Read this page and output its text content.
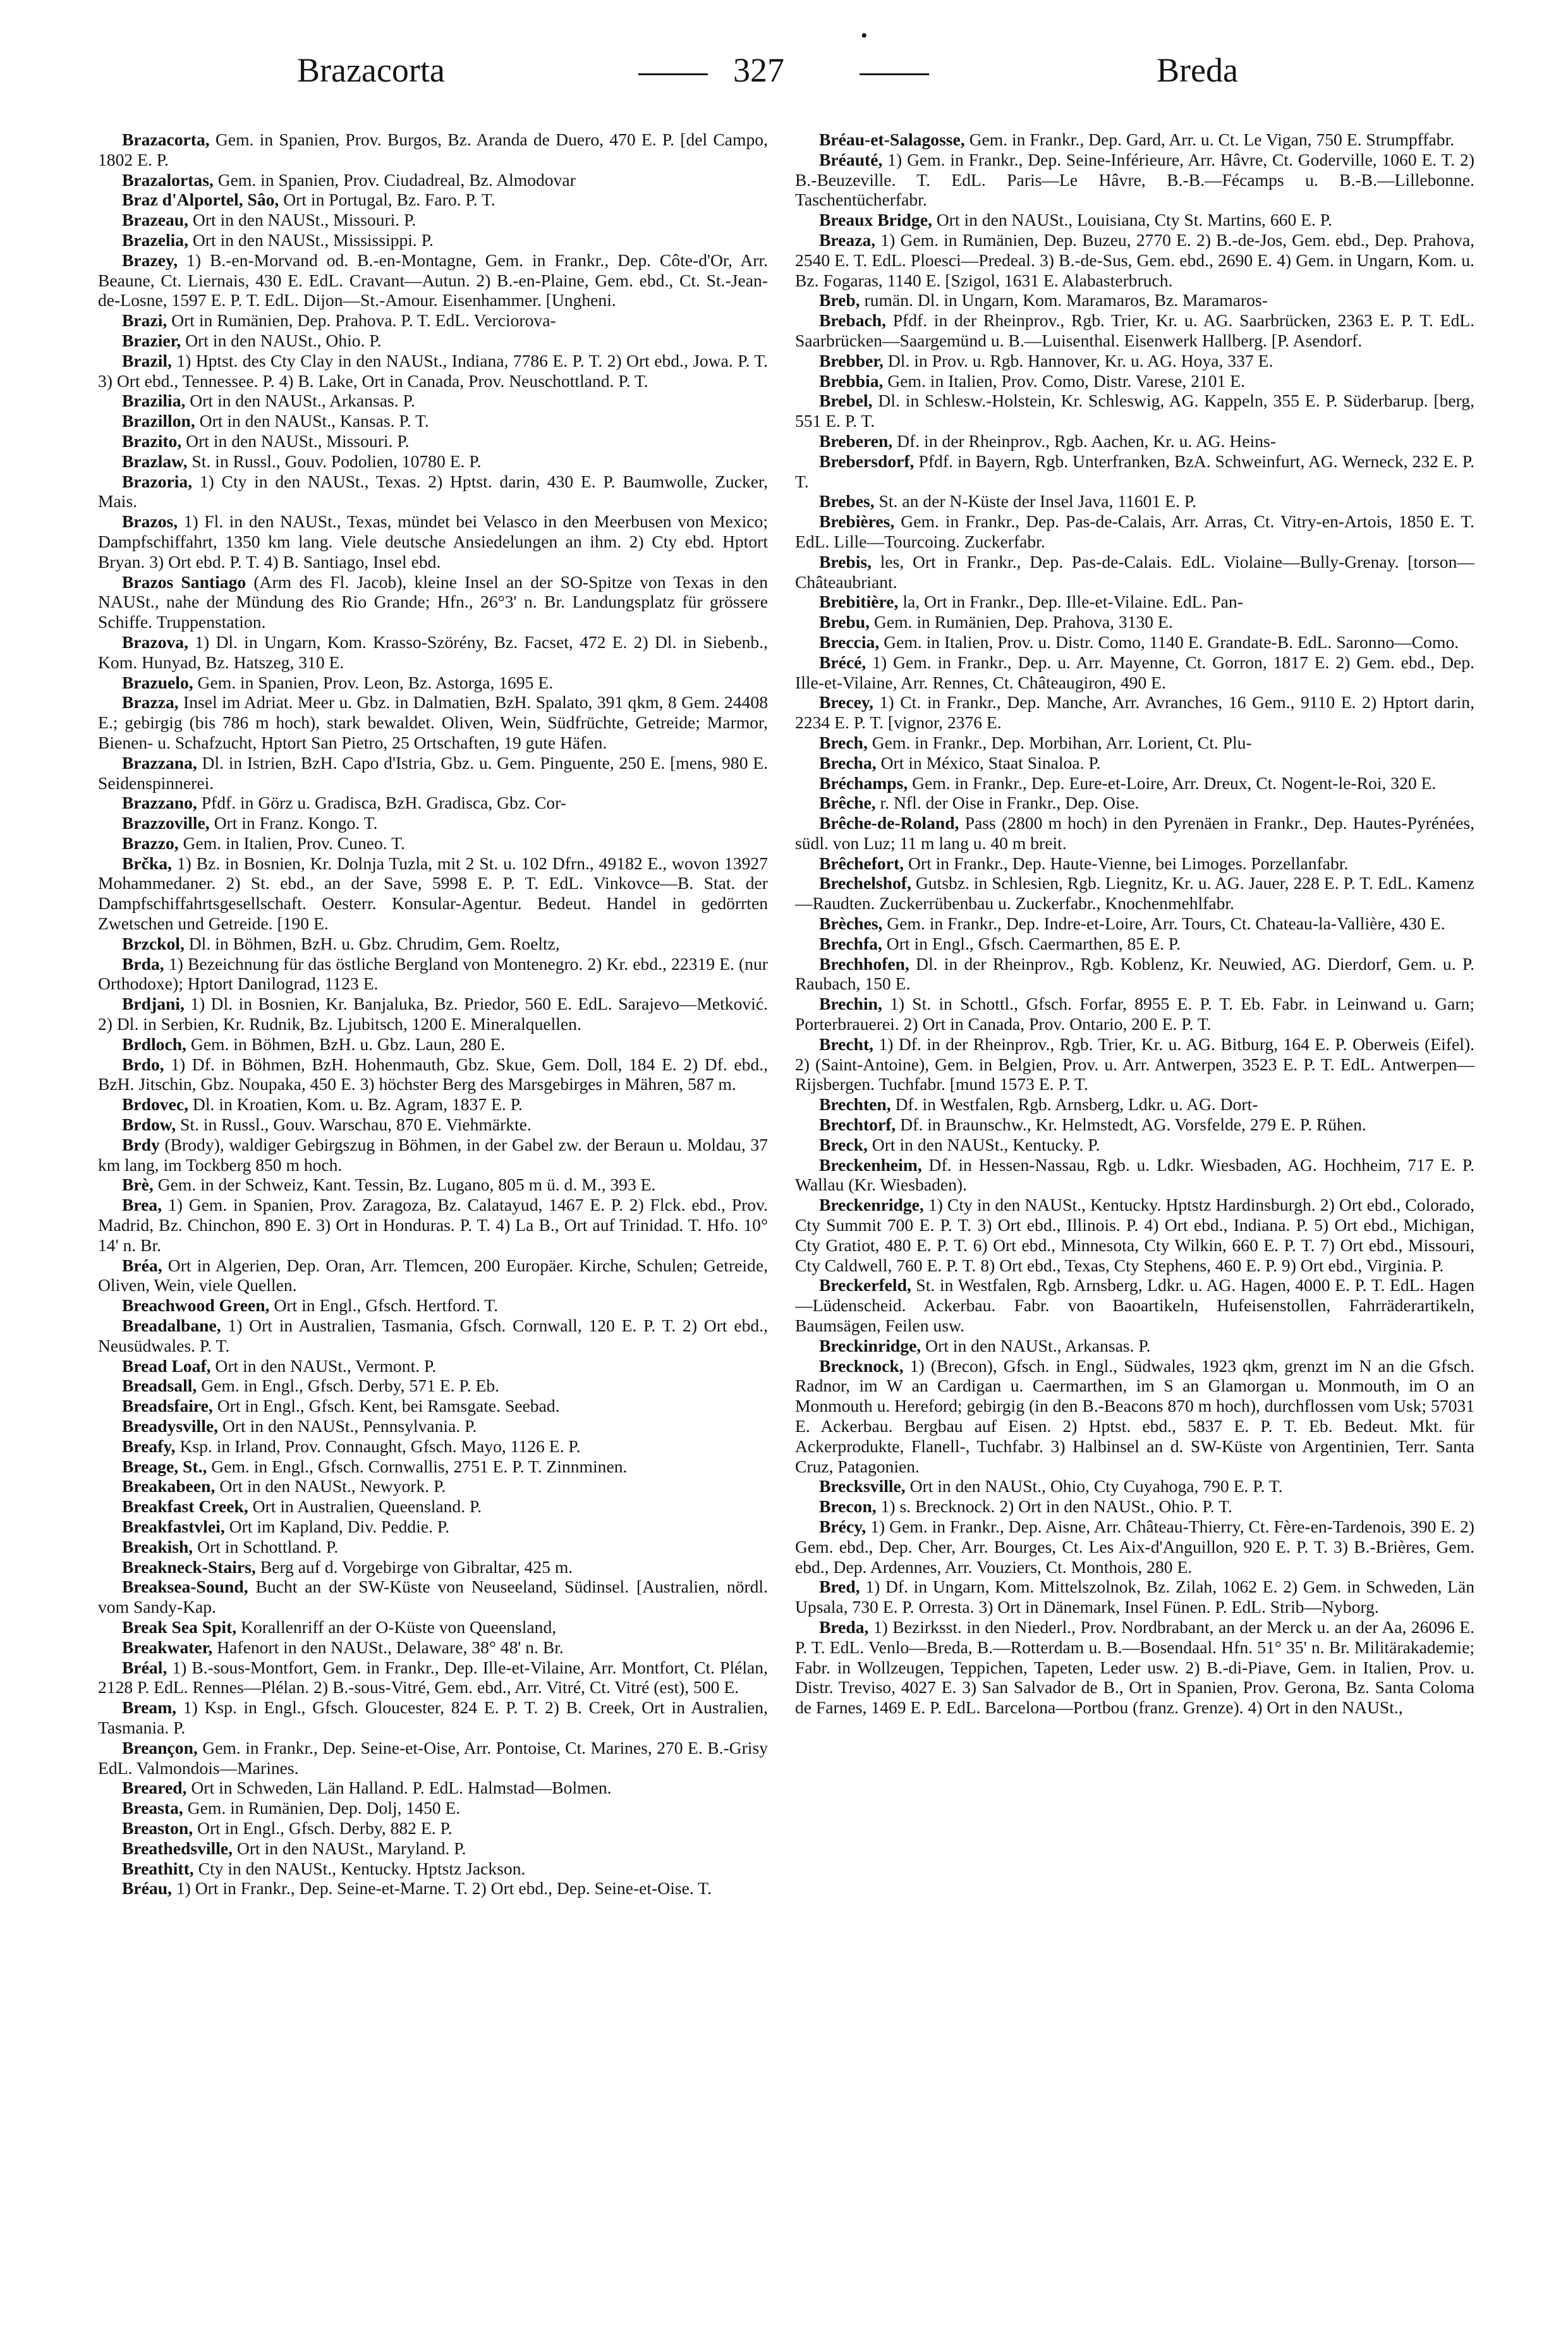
Brazacorta	327
•
Breda

Brazacorta, Gem. in Spanien, Prov. Burgos, Bz. Aranda de Duero, 470 E. P. [del Campo, 1802 E. P.

Brazalortas, Gem. in Spanien, Prov. Ciudadreal, Bz. Almodovar

Braz d'Alportel, Sâo, Ort in Portugal, Bz. Faro. P. T.

Brazeau, Ort in den NAUSt., Missouri. P.

Brazelia, Ort in den NAUSt., Mississippi. P.

Brazey, 1) B.-en-Morvand od. B.-en-Montagne, Gem. in Frankr., Dep. Côte-d'Or, Arr. Beaune, Ct. Liernais, 430 E. EdL. Cravant—Autun. 2) B.-en-Plaine, Gem. ebd., Ct. St.-Jean-de-Losne, 1597 E. P. T. EdL. Dijon—St.-Amour. Eisenhammer. [Ungheni.

Brazi, Ort in Rumänien, Dep. Prahova. P. T. EdL. Verciorova-

Brazier, Ort in den NAUSt., Ohio. P.

Brazil, 1) Hptst. des Cty Clay in den NAUSt., Indiana, 7786 E. P. T. 2) Ort ebd., Jowa. P. T. 3) Ort ebd., Tennessee. P. 4) B. Lake, Ort in Canada, Prov. Neuschottland. P. T.

Brazilia, Ort in den NAUSt., Arkansas. P.

Brazillon, Ort in den NAUSt., Kansas. P. T.

Brazito, Ort in den NAUSt., Missouri. P.

Brazlaw, St. in Russl., Gouv. Podolien, 10780 E. P.

Brazoria, 1) Cty in den NAUSt., Texas. 2) Hptst. darin, 430 E. P. Baumwolle, Zucker, Mais.

Brazos, 1) Fl. in den NAUSt., Texas, mündet bei Velasco in den Meerbusen von Mexico; Dampfschiffahrt, 1350 km lang. Viele deutsche Ansiedelungen an ihm. 2) Cty ebd. Hptort Bryan. 3) Ort ebd. P. T. 4) B. Santiago, Insel ebd.

Brazos Santiago (Arm des Fl. Jacob), kleine Insel an der SO-Spitze von Texas in den NAUSt., nahe der Mündung des Rio Grande; Hfn., 26°3' n. Br. Landungsplatz für grössere Schiffe. Truppenstation.

Brazova, 1) Dl. in Ungarn, Kom. Krasso-Szörény, Bz. Facset, 472 E. 2) Dl. in Siebenb., Kom. Hunyad, Bz. Hatszeg, 310 E.

Brazuelo, Gem. in Spanien, Prov. Leon, Bz. Astorga, 1695 E.

Brazza, Insel im Adriat. Meer u. Gbz. in Dalmatien, BzH. Spalato, 391 qkm, 8 Gem. 24408 E.; gebirgig (bis 786 m hoch), stark bewaldet. Oliven, Wein, Südfrüchte, Getreide; Marmor, Bienen- u. Schafzucht, Hptort San Pietro, 25 Ortschaften, 19 gute Häfen.

Brazzana, Dl. in Istrien, BzH. Capo d'Istria, Gbz. u. Gem. Pinguente, 250 E. [mens, 980 E. Seidenspinnerei.

Brazzano, Pfdf. in Görz u. Gradisca, BzH. Gradisca, Gbz. Cor-

Brazzoville, Ort in Franz. Kongo. T.

Brazzo, Gem. in Italien, Prov. Cuneo. T.

Brčka, 1) Bz. in Bosnien, Kr. Dolnja Tuzla, mit 2 St. u. 102 Dfrn., 49182 E., wovon 13927 Mohammedaner. 2) St. ebd., an der Save, 5998 E. P. T. EdL. Vinkovce—B. Stat. der Dampfschiffahrtsgesellschaft. Oesterr. Konsular-Agentur. Bedeut. Handel in gedörrten Zwetschen und Getreide. [190 E.

Brzckol, Dl. in Böhmen, BzH. u. Gbz. Chrudim, Gem. Roeltz,

Brda, 1) Bezeichnung für das östliche Bergland von Montenegro. 2) Kr. ebd., 22319 E. (nur Orthodoxe); Hptort Danilograd, 1123 E.

Brdjani, 1) Dl. in Bosnien, Kr. Banjaluka, Bz. Priedor, 560 E. EdL. Sarajevo—Metković. 2) Dl. in Serbien, Kr. Rudnik, Bz. Ljubitsch, 1200 E. Mineralquellen.

Brdloch, Gem. in Böhmen, BzH. u. Gbz. Laun, 280 E.

Brdo, 1) Df. in Böhmen, BzH. Hohenmauth, Gbz. Skue, Gem. Doll, 184 E. 2) Df. ebd., BzH. Jitschin, Gbz. Noupaka, 450 E. 3) höchster Berg des Marsgebirges in Mähren, 587 m.

Brdovec, Dl. in Kroatien, Kom. u. Bz. Agram, 1837 E. P.

Brdow, St. in Russl., Gouv. Warschau, 870 E. Viehmärkte.

Brdy (Brody), waldiger Gebirgszug in Böhmen, in der Gabel zw. der Beraun u. Moldau, 37 km lang, im Tockberg 850 m hoch.

Brè, Gem. in der Schweiz, Kant. Tessin, Bz. Lugano, 805 m ü. d. M., 393 E.

Brea, 1) Gem. in Spanien, Prov. Zaragoza, Bz. Calatayud, 1467 E. P. 2) Flck. ebd., Prov. Madrid, Bz. Chinchon, 890 E. 3) Ort in Honduras. P. T. 4) La B., Ort auf Trinidad. T. Hfo. 10° 14' n. Br.

Bréa, Ort in Algerien, Dep. Oran, Arr. Tlemcen, 200 Europäer. Kirche, Schulen; Getreide, Oliven, Wein, viele Quellen.

Breachwood Green, Ort in Engl., Gfsch. Hertford. T.

Breadalbane, 1) Ort in Australien, Tasmania, Gfsch. Cornwall, 120 E. P. T. 2) Ort ebd., Neusüdwales. P. T.

Bread Loaf, Ort in den NAUSt., Vermont. P.

Breadsall, Gem. in Engl., Gfsch. Derby, 571 E. P. Eb.

Breadsfaire, Ort in Engl., Gfsch. Kent, bei Ramsgate. Seebad.

Breadysville, Ort in den NAUSt., Pennsylvania. P.

Breafy, Ksp. in Irland, Prov. Connaught, Gfsch. Mayo, 1126 E. P.

Breage, St., Gem. in Engl., Gfsch. Cornwallis, 2751 E. P. T. Zinnminen.

Breakabeen, Ort in den NAUSt., Newyork. P.

Breakfast Creek, Ort in Australien, Queensland. P.

Breakfastvlei, Ort im Kapland, Div. Peddie. P.

Breakish, Ort in Schottland. P.

Breakneck-Stairs, Berg auf d. Vorgebirge von Gibraltar, 425 m.

Breaksea-Sound, Bucht an der SW-Küste von Neuseeland, Südinsel. [Australien, nördl. vom Sandy-Kap.

Break Sea Spit, Korallenriff an der O-Küste von Queensland,

Breakwater, Hafenort in den NAUSt., Delaware, 38° 48' n. Br.

Bréal, 1) B.-sous-Montfort, Gem. in Frankr., Dep. Ille-et-Vilaine, Arr. Montfort, Ct. Plélan, 2128 P. EdL. Rennes—Plélan. 2) B.-sous-Vitré, Gem. ebd., Arr. Vitré, Ct. Vitré (est), 500 E.

Bream, 1) Ksp. in Engl., Gfsch. Gloucester, 824 E. P. T. 2) B. Creek, Ort in Australien, Tasmania. P.

Breançon, Gem. in Frankr., Dep. Seine-et-Oise, Arr. Pontoise, Ct. Marines, 270 E. B.-Grisy EdL. Valmondois—Marines.

Breared, Ort in Schweden, Län Halland. P. EdL. Halmstad—Bolmen.

Breasta, Gem. in Rumänien, Dep. Dolj, 1450 E.

Breaston, Ort in Engl., Gfsch. Derby, 882 E. P.

Breathedsville, Ort in den NAUSt., Maryland. P.

Breathitt, Cty in den NAUSt., Kentucky. Hptstz Jackson.

Bréau, 1) Ort in Frankr., Dep. Seine-et-Marne. T. 2) Ort ebd., Dep. Seine-et-Oise. T.

Bréau-et-Salagosse, Gem. in Frankr., Dep. Gard, Arr. u. Ct. Le Vigan, 750 E. Strumpffabr.

Bréauté, 1) Gem. in Frankr., Dep. Seine-Inférieure, Arr. Hâvre, Ct. Goderville, 1060 E. T. 2) B.-Beuzeville. T. EdL. Paris—Le Hâvre, B.-B.—Fécamps u. B.-B.—Lillebonne. Taschentücherfabr.

Breaux Bridge, Ort in den NAUSt., Louisiana, Cty St. Martins, 660 E. P.

Breaza, 1) Gem. in Rumänien, Dep. Buzeu, 2770 E. 2) B.-de-Jos, Gem. ebd., Dep. Prahova, 2540 E. T. EdL. Ploesci—Predeal. 3) B.-de-Sus, Gem. ebd., 2690 E. 4) Gem. in Ungarn, Kom. u. Bz. Fogaras, 1140 E. [Szigol, 1631 E. Alabasterbruch.

Breb, rumän. Dl. in Ungarn, Kom. Maramaros, Bz. Maramaros-

Brebach, Pfdf. in der Rheinprov., Rgb. Trier, Kr. u. AG. Saarbrücken, 2363 E. P. T. EdL. Saarbrücken—Saargemünd u. B.—Luisenthal. Eisenwerk Hallberg. [P. Asendorf.

Brebber, Dl. in Prov. u. Rgb. Hannover, Kr. u. AG. Hoya, 337 E.

Brebbia, Gem. in Italien, Prov. Como, Distr. Varese, 2101 E.

Brebel, Dl. in Schlesw.-Holstein, Kr. Schleswig, AG. Kappeln, 355 E. P. Süderbarup. [berg, 551 E. P. T.

Breberen, Df. in der Rheinprov., Rgb. Aachen, Kr. u. AG. Heins-

Brebersdorf, Pfdf. in Bayern, Rgb. Unterfranken, BzA. Schweinfurt, AG. Werneck, 232 E. P. T.

Brebes, St. an der N-Küste der Insel Java, 11601 E. P.

Brebières, Gem. in Frankr., Dep. Pas-de-Calais, Arr. Arras, Ct. Vitry-en-Artois, 1850 E. T. EdL. Lille—Tourcoing. Zuckerfabr.

Brebis, les, Ort in Frankr., Dep. Pas-de-Calais. EdL. Violaine—Bully-Grenay. [torson—Châteaubriant.

Brebitière, la, Ort in Frankr., Dep. Ille-et-Vilaine. EdL. Pan-

Brebu, Gem. in Rumänien, Dep. Prahova, 3130 E.

Breccia, Gem. in Italien, Prov. u. Distr. Como, 1140 E. Grandate-B. EdL. Saronno—Como.

Brécé, 1) Gem. in Frankr., Dep. u. Arr. Mayenne, Ct. Gorron, 1817 E. 2) Gem. ebd., Dep. Ille-et-Vilaine, Arr. Rennes, Ct. Châteaugiron, 490 E.

Brecey, 1) Ct. in Frankr., Dep. Manche, Arr. Avranches, 16 Gem., 9110 E. 2) Hptort darin, 2234 E. P. T. [vignor, 2376 E.

Brech, Gem. in Frankr., Dep. Morbihan, Arr. Lorient, Ct. Plu-

Brecha, Ort in México, Staat Sinaloa. P.

Bréchamps, Gem. in Frankr., Dep. Eure-et-Loire, Arr. Dreux, Ct. Nogent-le-Roi, 320 E.

Brêche, r. Nfl. der Oise in Frankr., Dep. Oise.

Brêche-de-Roland, Pass (2800 m hoch) in den Pyrenäen in Frankr., Dep. Hautes-Pyrénées, südl. von Luz; 11 m lang u. 40 m breit.

Brêchefort, Ort in Frankr., Dep. Haute-Vienne, bei Limoges. Porzellanfabr.

Brechelshof, Gutsbz. in Schlesien, Rgb. Liegnitz, Kr. u. AG. Jauer, 228 E. P. T. EdL. Kamenz—Raudten. Zuckerrübenbau u. Zuckerfabr., Knochenmehlfabr.

Brèches, Gem. in Frankr., Dep. Indre-et-Loire, Arr. Tours, Ct. Chateau-la-Vallière, 430 E.

Brechfa, Ort in Engl., Gfsch. Caermarthen, 85 E. P.

Brechhofen, Dl. in der Rheinprov., Rgb. Koblenz, Kr. Neuwied, AG. Dierdorf, Gem. u. P. Raubach, 150 E.

Brechin, 1) St. in Schottl., Gfsch. Forfar, 8955 E. P. T. Eb. Fabr. in Leinwand u. Garn; Porterbrauerei. 2) Ort in Canada, Prov. Ontario, 200 E. P. T.

Brecht, 1) Df. in der Rheinprov., Rgb. Trier, Kr. u. AG. Bitburg, 164 E. P. Oberweis (Eifel). 2) (Saint-Antoine), Gem. in Belgien, Prov. u. Arr. Antwerpen, 3523 E. P. T. EdL. Antwerpen—Rijsbergen. Tuchfabr. [mund 1573 E. P. T.

Brechten, Df. in Westfalen, Rgb. Arnsberg, Ldkr. u. AG. Dort-

Brechtorf, Df. in Braunschw., Kr. Helmstedt, AG. Vorsfelde, 279 E. P. Rühen.

Breck, Ort in den NAUSt., Kentucky. P.

Breckenheim, Df. in Hessen-Nassau, Rgb. u. Ldkr. Wiesbaden, AG. Hochheim, 717 E. P. Wallau (Kr. Wiesbaden).

Breckenridge, 1) Cty in den NAUSt., Kentucky. Hptstz Hardinsburgh. 2) Ort ebd., Colorado, Cty Summit 700 E. P. T. 3) Ort ebd., Illinois. P. 4) Ort ebd., Indiana. P. 5) Ort ebd., Michigan, Cty Gratiot, 480 E. P. T. 6) Ort ebd., Minnesota, Cty Wilkin, 660 E. P. T. 7) Ort ebd., Missouri, Cty Caldwell, 760 E. P. T. 8) Ort ebd., Texas, Cty Stephens, 460 E. P. 9) Ort ebd., Virginia. P.

Breckerfeld, St. in Westfalen, Rgb. Arnsberg, Ldkr. u. AG. Hagen, 4000 E. P. T. EdL. Hagen—Lüdenscheid. Ackerbau. Fabr. von Baoartikeln, Hufeisenstollen, Fahrräderartikeln, Baumsägen, Feilen usw.

Breckinridge, Ort in den NAUSt., Arkansas. P.

Brecknock, 1) (Brecon), Gfsch. in Engl., Südwales, 1923 qkm, grenzt im N an die Gfsch. Radnor, im W an Cardigan u. Caermarthen, im S an Glamorgan u. Monmouth, im O an Monmouth u. Hereford; gebirgig (in den B.-Beacons 870 m hoch), durchflossen vom Usk; 57031 E. Ackerbau. Bergbau auf Eisen. 2) Hptst. ebd., 5837 E. P. T. Eb. Bedeut. Mkt. für Ackerprodukte, Flanell-, Tuchfabr. 3) Halbinsel an d. SW-Küste von Argentinien, Terr. Santa Cruz, Patagonien.

Brecksville, Ort in den NAUSt., Ohio, Cty Cuyahoga, 790 E. P. T.

Brecon, 1) s. Brecknock. 2) Ort in den NAUSt., Ohio. P. T.

Brécy, 1) Gem. in Frankr., Dep. Aisne, Arr. Château-Thierry, Ct. Fère-en-Tardenois, 390 E. 2) Gem. ebd., Dep. Cher, Arr. Bourges, Ct. Les Aix-d'Anguillon, 920 E. P. T. 3) B.-Brières, Gem. ebd., Dep. Ardennes, Arr. Vouziers, Ct. Monthois, 280 E.

Bred, 1) Df. in Ungarn, Kom. Mittelszolnok, Bz. Zilah, 1062 E. 2) Gem. in Schweden, Län Upsala, 730 E. P. Orresta. 3) Ort in Dänemark, Insel Fünen. P. EdL. Strib—Nyborg.

Breda, 1) Bezirksst. in den Niederl., Prov. Nordbrabant, an der Merck u. an der Aa, 26096 E. P. T. EdL. Venlo—Breda, B.—Rotterdam u. B.—Bosendaal. Hfn. 51° 35' n. Br. Militärakademie; Fabr. in Wollzeugen, Teppichen, Tapeten, Leder usw. 2) B.-di-Piave, Gem. in Italien, Prov. u. Distr. Treviso, 4027 E. 3) San Salvador de B., Ort in Spanien, Prov. Gerona, Bz. Santa Coloma de Farnes, 1469 E. P. EdL. Barcelona—Portbou (franz. Grenze). 4) Ort in den NAUSt.,
